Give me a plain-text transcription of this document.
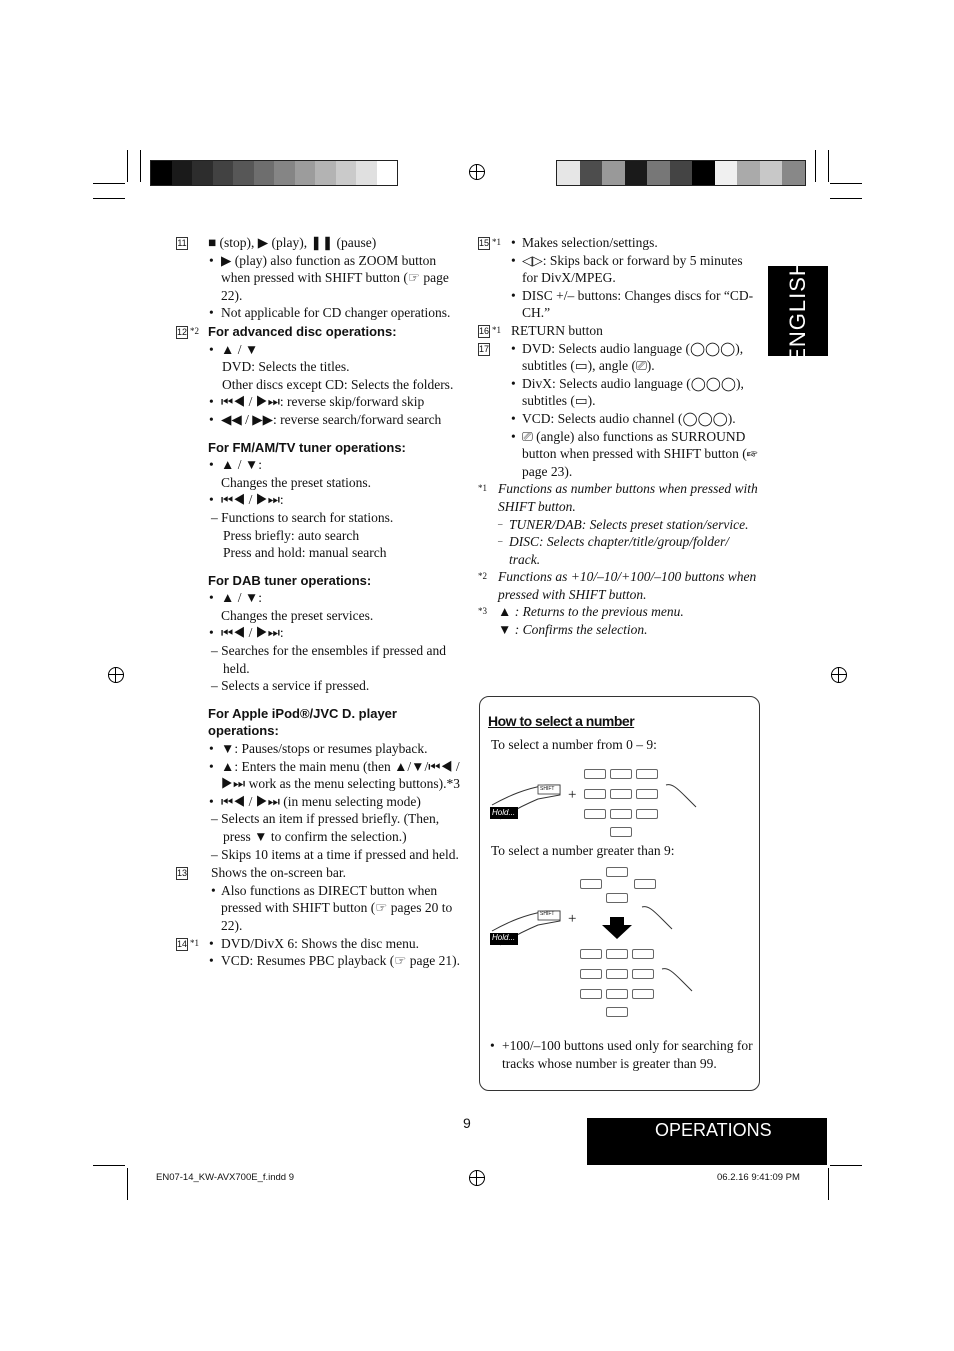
ENGLISH

11 ■ (stop), ▶ (play), ❚❚ (pause)

• ▶ (play) also function as ZOOM button when pressed with SHIFT button (☞ page 22).

• Not applicable for CD changer operations.

12 *2 For advanced disc operations:

• ▲ / ▼

DVD: Selects the titles.

Other discs except CD: Selects the folders.

• ⏮◀ / ▶⏭: reverse skip/forward skip

• ◀◀ / ▶▶: reverse search/forward search

For FM/AM/TV tuner operations:

• ▲ / ▼:

Changes the preset stations.

• ⏮◀ / ▶⏭:

– Functions to search for stations.

Press briefly: auto search

Press and hold: manual search

For DAB tuner operations:

• ▲ / ▼:

Changes the preset services.

• ⏮◀ / ▶⏭:

– Searches for the ensembles if pressed and held.

– Selects a service if pressed.

For Apple iPod®/JVC D. player operations:

• ▼: Pauses/stops or resumes playback.

• ▲: Enters the main menu (then ▲/▼/⏮◀ / ▶⏭ work as the menu selecting buttons).*3

• ⏮◀ / ▶⏭ (in menu selecting mode)

– Selects an item if pressed briefly. (Then, press ▼ to confirm the selection.)

– Skips 10 items at a time if pressed and held.

13 Shows the on-screen bar.

• Also functions as DIRECT button when pressed with SHIFT button (☞ pages 20 to 22).

14 *1 • DVD/DivX 6: Shows the disc menu.

• VCD: Resumes PBC playback (☞ page 21).

15 *1 • Makes selection/settings.

• ◁▷: Skips back or forward by 5 minutes for DivX/MPEG.

• DISC +/– buttons: Changes discs for “CD-CH.”

16 *1 RETURN button

17 • DVD: Selects audio language (◯◯◯), subtitles (▭), angle (⎚).

• DivX: Selects audio language (◯◯◯), subtitles (▭).

• VCD: Selects audio channel (◯◯◯).

• ⎚ (angle) also functions as SURROUND button when pressed with SHIFT button (☞page 23).

*1 Functions as number buttons when pressed with SHIFT button.

– TUNER/DAB: Selects preset station/service.

– DISC: Selects chapter/title/group/folder/ track.

*2 Functions as +10/–10/+100/–100 buttons when pressed with SHIFT button.

*3 ▲ : Returns to the previous menu.

▼ : Confirms the selection.

How to select a number
To select a number from 0 – 9:
Hold...
SHIFT +
To select a number greater than 9:
Hold...
SHIFT +

• +100/–100 buttons used only for searching for tracks whose number is greater than 99.

9	OPERATIONS
EN07-14_KW-AVX700E_f.indd 9	06.2.16 9:41:09 PM
